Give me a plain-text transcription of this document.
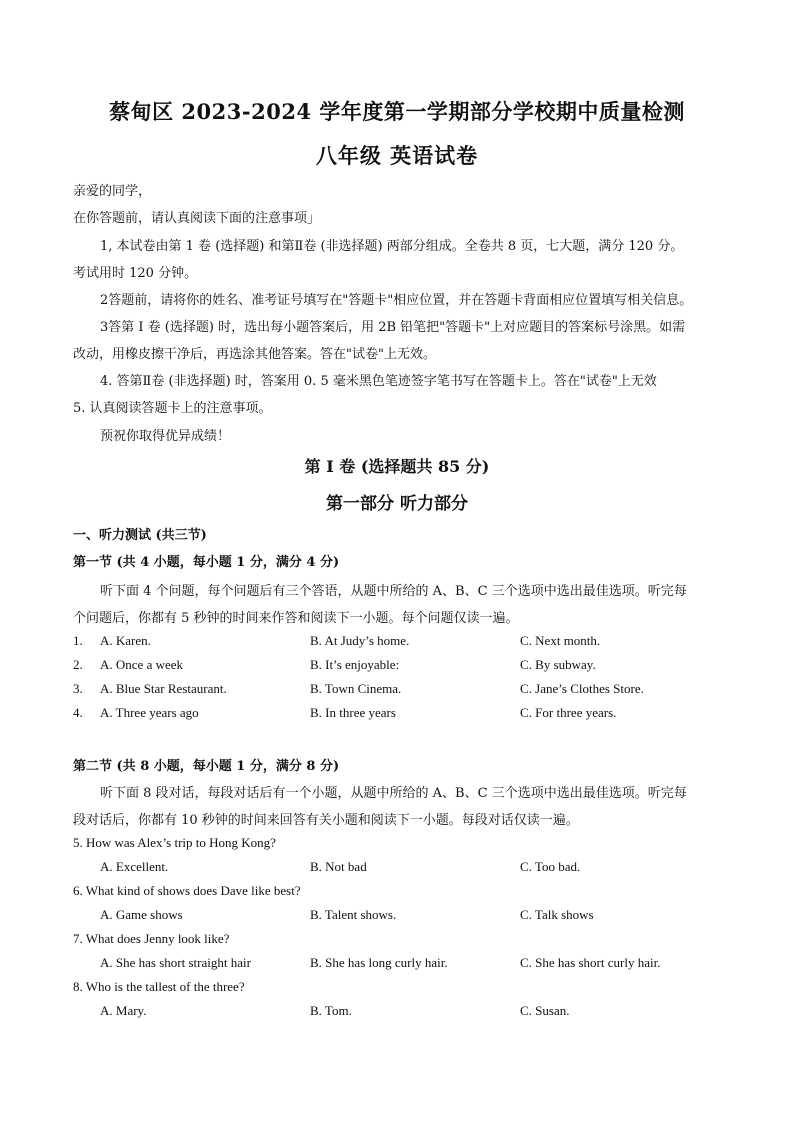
蔡甸区 2023-2024 学年度第一学期部分学校期中质量检测
八年级 英语试卷
亲爱的同学，
在你答题前，请认真阅读下面的注意事项」
1, 本试卷由第 1 卷 (选择题) 和第Ⅱ卷 (非选择题) 两部分组成。全卷共 8 页，七大题，满分 120 分。
考试用时 120 分钟。
2答题前，请将你的姓名、准考证号填写在"答题卡"相应位置，并在答题卡背面相应位置填写相关信息。
3答第 I 卷 (选择题) 时，选出每小题答案后，用 2B 铅笔把"答题卡"上对应题目的答案标号涂黑。如需
改动，用橡皮擦干净后，再选涂其他答案。答在"试卷"上无效。
4. 答第Ⅱ卷 (非选择题) 时，答案用 0. 5 毫米黑色笔迹签字笔书写在答题卡上。答在"试卷"上无效
5. 认真阅读答题卡上的注意事项。
预祝你取得优异成绩！
第 I 卷 (选择题共 85 分)
第一部分 听力部分
一、听力测试 (共三节)
第一节 (共 4 小题，每小题 1 分，满分 4 分)
听下面 4 个问题，每个问题后有三个答语，从题中所给的 A、B、C 三个选项中选出最佳选项。听完每
个问题后，你都有 5 秒钟的时间来作答和阅读下一小题。每个问题仅读一遍。
1. A. Karen.	B. At Judy’s home.	C. Next month.
2. A. Once a week	B. It’s enjoyable:	C. By subway.
3. A. Blue Star Restaurant.	B. Town Cinema.	C. Jane’s Clothes Store.
4. A. Three years ago	B. In three years	C. For three years.
第二节 (共 8 小题，每小题 1 分，满分 8 分)
听下面 8 段对话，每段对话后有一个小题，从题中所给的 A、B、C 三个选项中选出最佳选项。听完每
段对话后，你都有 10 秒钟的时间来回答有关小题和阅读下一小题。每段对话仅读一遍。
5. How was Alex’s trip to Hong Kong?
A. Excellent.	B. Not bad	C. Too bad.
6. What kind of shows does Dave like best?
A. Game shows	B. Talent shows.	C. Talk shows
7. What does Jenny look like?
A. She has short straight hair	B. She has long curly hair.	C. She has short curly hair.
8. Who is the tallest of the three?
A. Mary.	B. Tom.	C. Susan.
